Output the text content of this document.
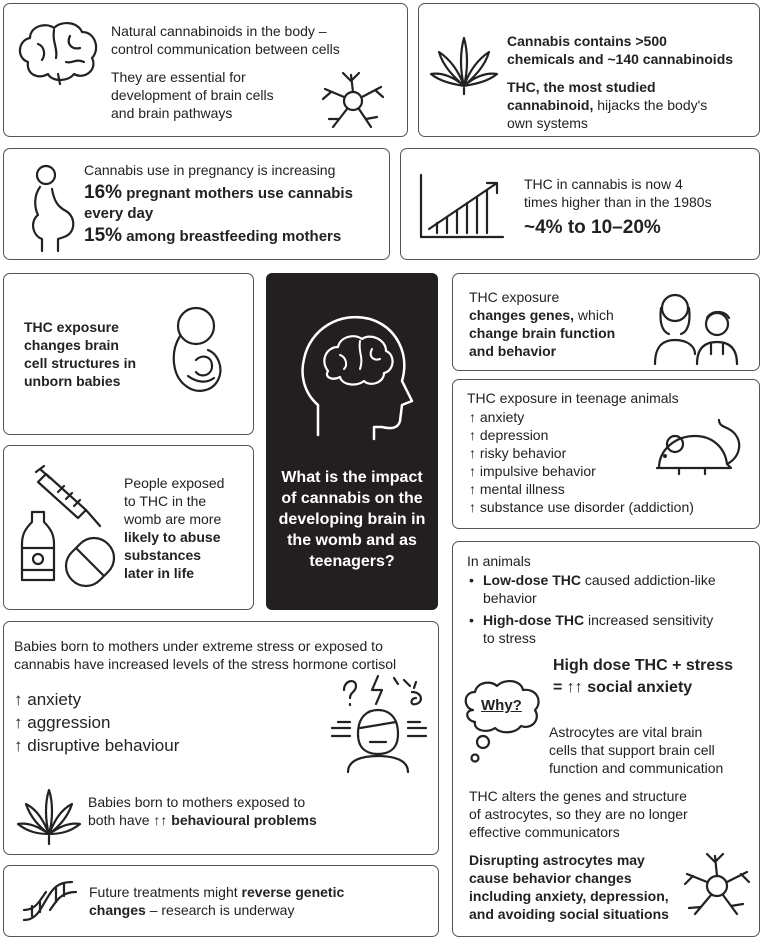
Natural cannabinoids in the body –
control communication between cells
They are essential for
development of brain cells
and brain pathways
Cannabis contains >500
chemicals and ~140 cannabinoids
THC, the most studied
cannabinoid, hijacks the body's
own systems
Cannabis use in pregnancy is increasing
16% pregnant mothers use cannabis
every day
15% among breastfeeding mothers
THC in cannabis is now 4
times higher than in the 1980s
~4% to 10–20%
THC exposure
changes brain
cell structures in
unborn babies
What is the impact of cannabis on the developing brain in the womb and as teenagers?
THC exposure
changes genes, which
change brain function
and behavior
THC exposure in teenage animals
↑ anxiety
↑ depression
↑ risky behavior
↑ impulsive behavior
↑ mental illness
↑ substance use disorder (addiction)
People exposed
to THC in the
womb are more
likely to abuse
substances
later in life
In animals
• Low-dose THC caused addiction-like
behavior
• High-dose THC increased sensitivity
to stress
High dose THC + stress
= ↑↑ social anxiety
Why?
Astrocytes are vital brain
cells that support brain cell
function and communication
THC alters the genes and structure
of astrocytes, so they are no longer
effective communicators
Disrupting astrocytes may
cause behavior changes
including anxiety, depression,
and avoiding social situations
Babies born to mothers under extreme stress or exposed to
cannabis have increased levels of the stress hormone cortisol
↑ anxiety
↑ aggression
↑ disruptive behaviour
Babies born to mothers exposed to
both have ↑↑ behavioural problems
Future treatments might reverse genetic
changes – research is underway
